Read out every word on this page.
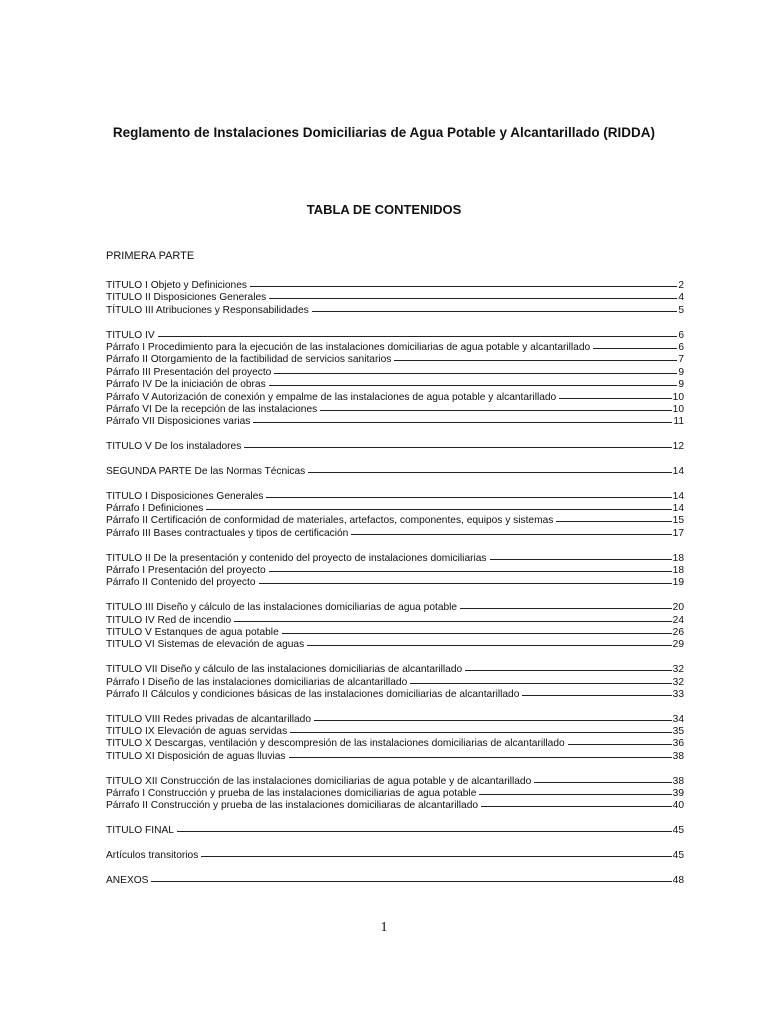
Reglamento de Instalaciones Domiciliarias de Agua Potable y Alcantarillado (RIDDA)
TABLA DE CONTENIDOS

PRIMERA PARTE

TITULO I Objeto y Definiciones	2
TITULO II Disposiciones Generales	4
TÍTULO III Atribuciones y Responsabilidades	5
TITULO IV	6
Párrafo I Procedimiento para la ejecución de las instalaciones domiciliarias de agua potable y alcantarillado	6
Párrafo II Otorgamiento de la factibilidad de servicios sanitarios	7
Párrafo III Presentación del proyecto	9
Párrafo IV De la iniciación de obras	9
Párrafo V Autorización de conexión y empalme de las instalaciones de agua potable y alcantarillado	10
Párrafo VI De la recepción de las instalaciones	10
Párrafo VII Disposiciones varias	11
TITULO V De los instaladores	12
SEGUNDA PARTE De las Normas Técnicas	14
TITULO I Disposiciones Generales	14
Párrafo I Definiciones	14
Párrafo II Certificación de conformidad de materiales, artefactos, componentes, equipos y sistemas	15
Párrafo III Bases contractuales y tipos de certificación	17
TITULO II De la presentación y contenido del proyecto de instalaciones domiciliarias	18
Párrafo I Presentación del proyecto	18
Párrafo II Contenido del proyecto	19
TITULO III Diseño y cálculo de las instalaciones domiciliarias de agua potable	20
TITULO IV Red de incendio	24
TITULO V Estanques de agua potable	26
TITULO VI Sistemas de elevación de aguas	29
TITULO VII Diseño y cálculo de las instalaciones domiciliarias de alcantarillado	32
Párrafo I Diseño de las instalaciones domiciliarias de alcantarillado	32
Párrafo II Cálculos y condiciones básicas de las instalaciones domiciliarias de alcantarillado	33
TITULO VIII Redes privadas de alcantarillado	34
TITULO IX Elevación de aguas servidas	35
TITULO X Descargas, ventilación y descompresión de las instalaciones domiciliarias de alcantarillado	36
TITULO XI Disposición de aguas lluvias	38
TITULO XII Construcción de las instalaciones domiciliarias de agua potable y de alcantarillado	38
Párrafo I Construcción y prueba de las instalaciones domiciliarias de agua potable	39
Párrafo II Construcción y prueba de las instalaciones domiciliaras de alcantarillado	40
TITULO FINAL	45
Artículos transitorios	45
ANEXOS	48
1
